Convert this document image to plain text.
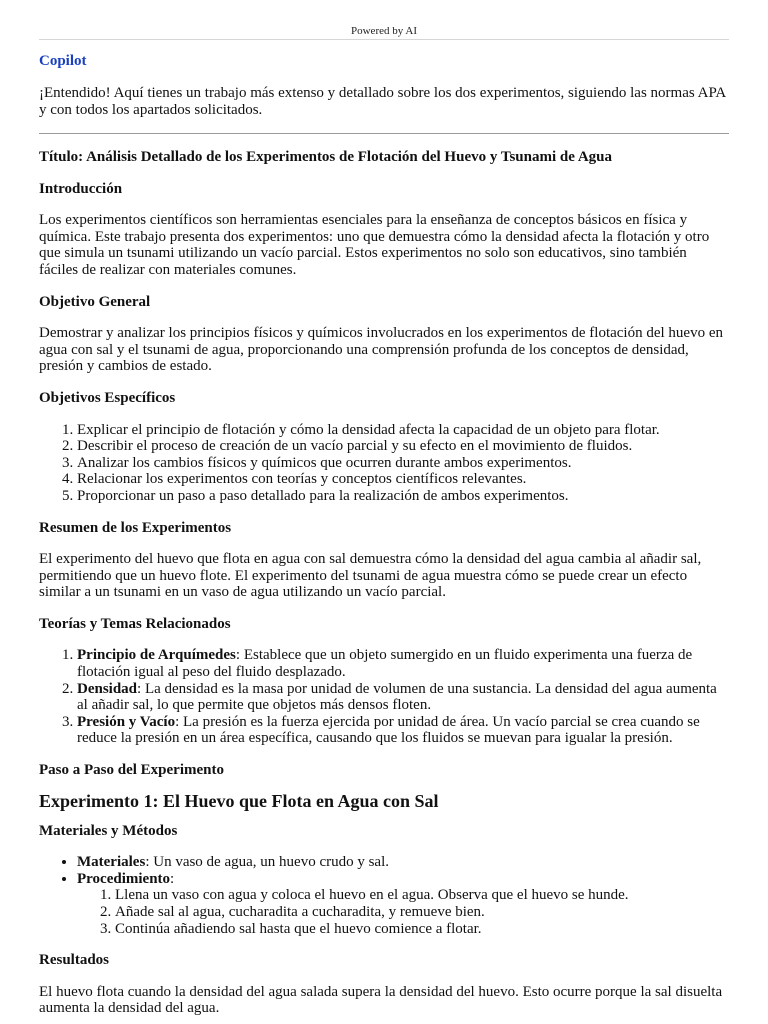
Powered by AI
Copilot
¡Entendido! Aquí tienes un trabajo más extenso y detallado sobre los dos experimentos, siguiendo las normas APA y con todos los apartados solicitados.

Título: Análisis Detallado de los Experimentos de Flotación del Huevo y Tsunami de Agua

Introducción

Los experimentos científicos son herramientas esenciales para la enseñanza de conceptos básicos en física y química. Este trabajo presenta dos experimentos: uno que demuestra cómo la densidad afecta la flotación y otro que simula un tsunami utilizando un vacío parcial. Estos experimentos no solo son educativos, sino también fáciles de realizar con materiales comunes.

Objetivo General

Demostrar y analizar los principios físicos y químicos involucrados en los experimentos de flotación del huevo en agua con sal y el tsunami de agua, proporcionando una comprensión profunda de los conceptos de densidad, presión y cambios de estado.

Objetivos Específicos

1. Explicar el principio de flotación y cómo la densidad afecta la capacidad de un objeto para flotar.
2. Describir el proceso de creación de un vacío parcial y su efecto en el movimiento de fluidos.
3. Analizar los cambios físicos y químicos que ocurren durante ambos experimentos.
4. Relacionar los experimentos con teorías y conceptos científicos relevantes.
5. Proporcionar un paso a paso detallado para la realización de ambos experimentos.

Resumen de los Experimentos

El experimento del huevo que flota en agua con sal demuestra cómo la densidad del agua cambia al añadir sal, permitiendo que un huevo flote. El experimento del tsunami de agua muestra cómo se puede crear un efecto similar a un tsunami en un vaso de agua utilizando un vacío parcial.

Teorías y Temas Relacionados

1. Principio de Arquímedes: Establece que un objeto sumergido en un fluido experimenta una fuerza de flotación igual al peso del fluido desplazado.
2. Densidad: La densidad es la masa por unidad de volumen de una sustancia. La densidad del agua aumenta al añadir sal, lo que permite que objetos más densos floten.
3. Presión y Vacío: La presión es la fuerza ejercida por unidad de área. Un vacío parcial se crea cuando se reduce la presión en un área específica, causando que los fluidos se muevan para igualar la presión.

Paso a Paso del Experimento

Experimento 1: El Huevo que Flota en Agua con Sal

Materiales y Métodos

• Materiales: Un vaso de agua, un huevo crudo y sal.
• Procedimiento:
1. Llena un vaso con agua y coloca el huevo en el agua. Observa que el huevo se hunde.
2. Añade sal al agua, cucharadita a cucharadita, y remueve bien.
3. Continúa añadiendo sal hasta que el huevo comience a flotar.

Resultados

El huevo flota cuando la densidad del agua salada supera la densidad del huevo. Esto ocurre porque la sal disuelta aumenta la densidad del agua.
